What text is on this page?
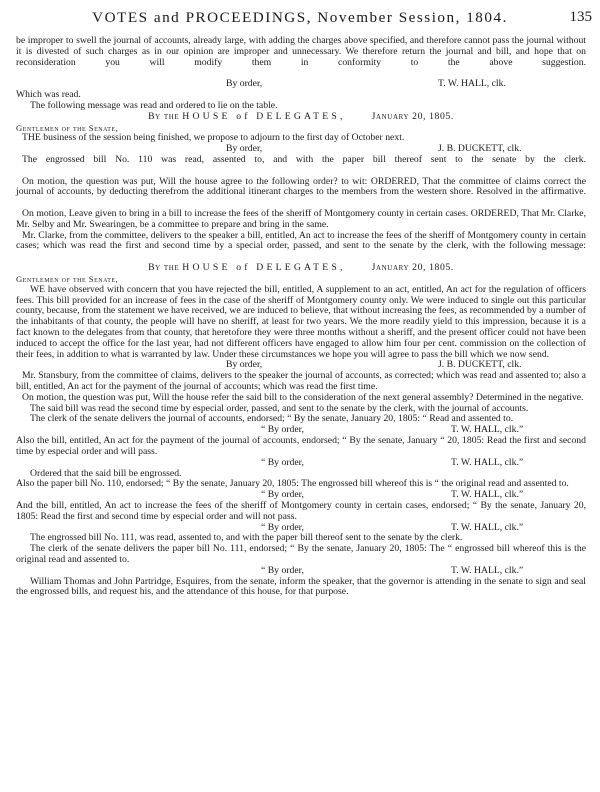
VOTES and PROCEEDINGS, November Session, 1804.	135

be improper to swell the journal of accounts, already large, with adding the charges above specified, and therefore cannot pass the journal without it is divested of such charges as in our opinion are improper and unnecessary. We therefore return the journal and bill, and hope that on reconsideration you will modify them in conformity to the above suggestion.

By order,	T. W. HALL, clk.

Which was read.

The following message was read and ordered to lie on the table.

By the HOUSE of DELEGATES,	January 20, 1805.

Gentlemen of the Senate,

THE business of the session being finished, we propose to adjourn to the first day of October next.

By order,	J. B. DUCKETT, clk.

The engrossed bill No. 110 was read, assented to, and with the paper bill thereof sent to the senate by the clerk.

On motion, the question was put, Will the house agree to the following order? to wit: ORDERED, That the committee of claims correct the journal of accounts, by deducting therefrom the additional itinerant charges to the members from the western shore. Resolved in the affirmative.

On motion, Leave given to bring in a bill to increase the fees of the sheriff of Montgomery county in certain cases. ORDERED, That Mr. Clarke, Mr. Selby and Mr. Swearingen, be a committee to prepare and bring in the same.

Mr. Clarke, from the committee, delivers to the speaker a bill, entitled, An act to increase the fees of the sheriff of Montgomery county in certain cases; which was read the first and second time by a special order, passed, and sent to the senate by the clerk, with the following message:

By the HOUSE of DELEGATES,	January 20, 1805.

Gentlemen of the Senate,

WE have observed with concern that you have rejected the bill, entitled, A supplement to an act, entitled, An act for the regulation of officers fees. This bill provided for an increase of fees in the case of the sheriff of Montgomery county only. We were induced to single out this particular county, because, from the statement we have received, we are induced to believe, that without increasing the fees, as recommended by a number of the inhabitants of that county, the people will have no sheriff, at least for two years. We the more readily yield to this impression, because it is a fact known to the delegates from that county, that heretofore they were three months without a sheriff, and the present officer could not have been induced to accept the office for the last year, had not different officers have engaged to allow him four per cent. commission on the collection of their fees, in addition to what is warranted by law. Under these circumstances we hope you will agree to pass the bill which we now send.

By order,	J. B. DUCKETT, clk.

Mr. Stansbury, from the committee of claims, delivers to the speaker the journal of accounts, as corrected; which was read and assented to; also a bill, entitled, An act for the payment of the journal of accounts; which was read the first time.

On motion, the question was put, Will the house refer the said bill to the consideration of the next general assembly? Determined in the negative.

The said bill was read the second time by especial order, passed, and sent to the senate by the clerk, with the journal of accounts.

The clerk of the senate delivers the journal of accounts, endorsed; “ By the senate, January 20, 1805: “ Read and assented to.

“ By order,	T. W. HALL, clk.”

Also the bill, entitled, An act for the payment of the journal of accounts, endorsed; “ By the senate, January “ 20, 1805: Read the first and second time by especial order and will pass.

“ By order,	T. W. HALL, clk.”

Ordered that the said bill be engrossed.

Also the paper bill No. 110, endorsed; “ By the senate, January 20, 1805: The engrossed bill whereof this is “ the original read and assented to.

“ By order,	T. W. HALL, clk.”

And the bill, entitled, An act to increase the fees of the sheriff of Montgomery county in certain cases, endorsed; “ By the senate, January 20, 1805: Read the first and second time by especial order and will not pass.

“ By order,	T. W. HALL, clk.”

The engrossed bill No. 111, was read, assented to, and with the paper bill thereof sent to the senate by the clerk.

The clerk of the senate delivers the paper bill No. 111, endorsed; “ By the senate, January 20, 1805: The “ engrossed bill whereof this is the original read and assented to.

“ By order,	T. W. HALL, clk.”

William Thomas and John Partridge, Esquires, from the senate, inform the speaker, that the governor is attending in the senate to sign and seal the engrossed bills, and request his, and the attendance of this house, for that purpose.
